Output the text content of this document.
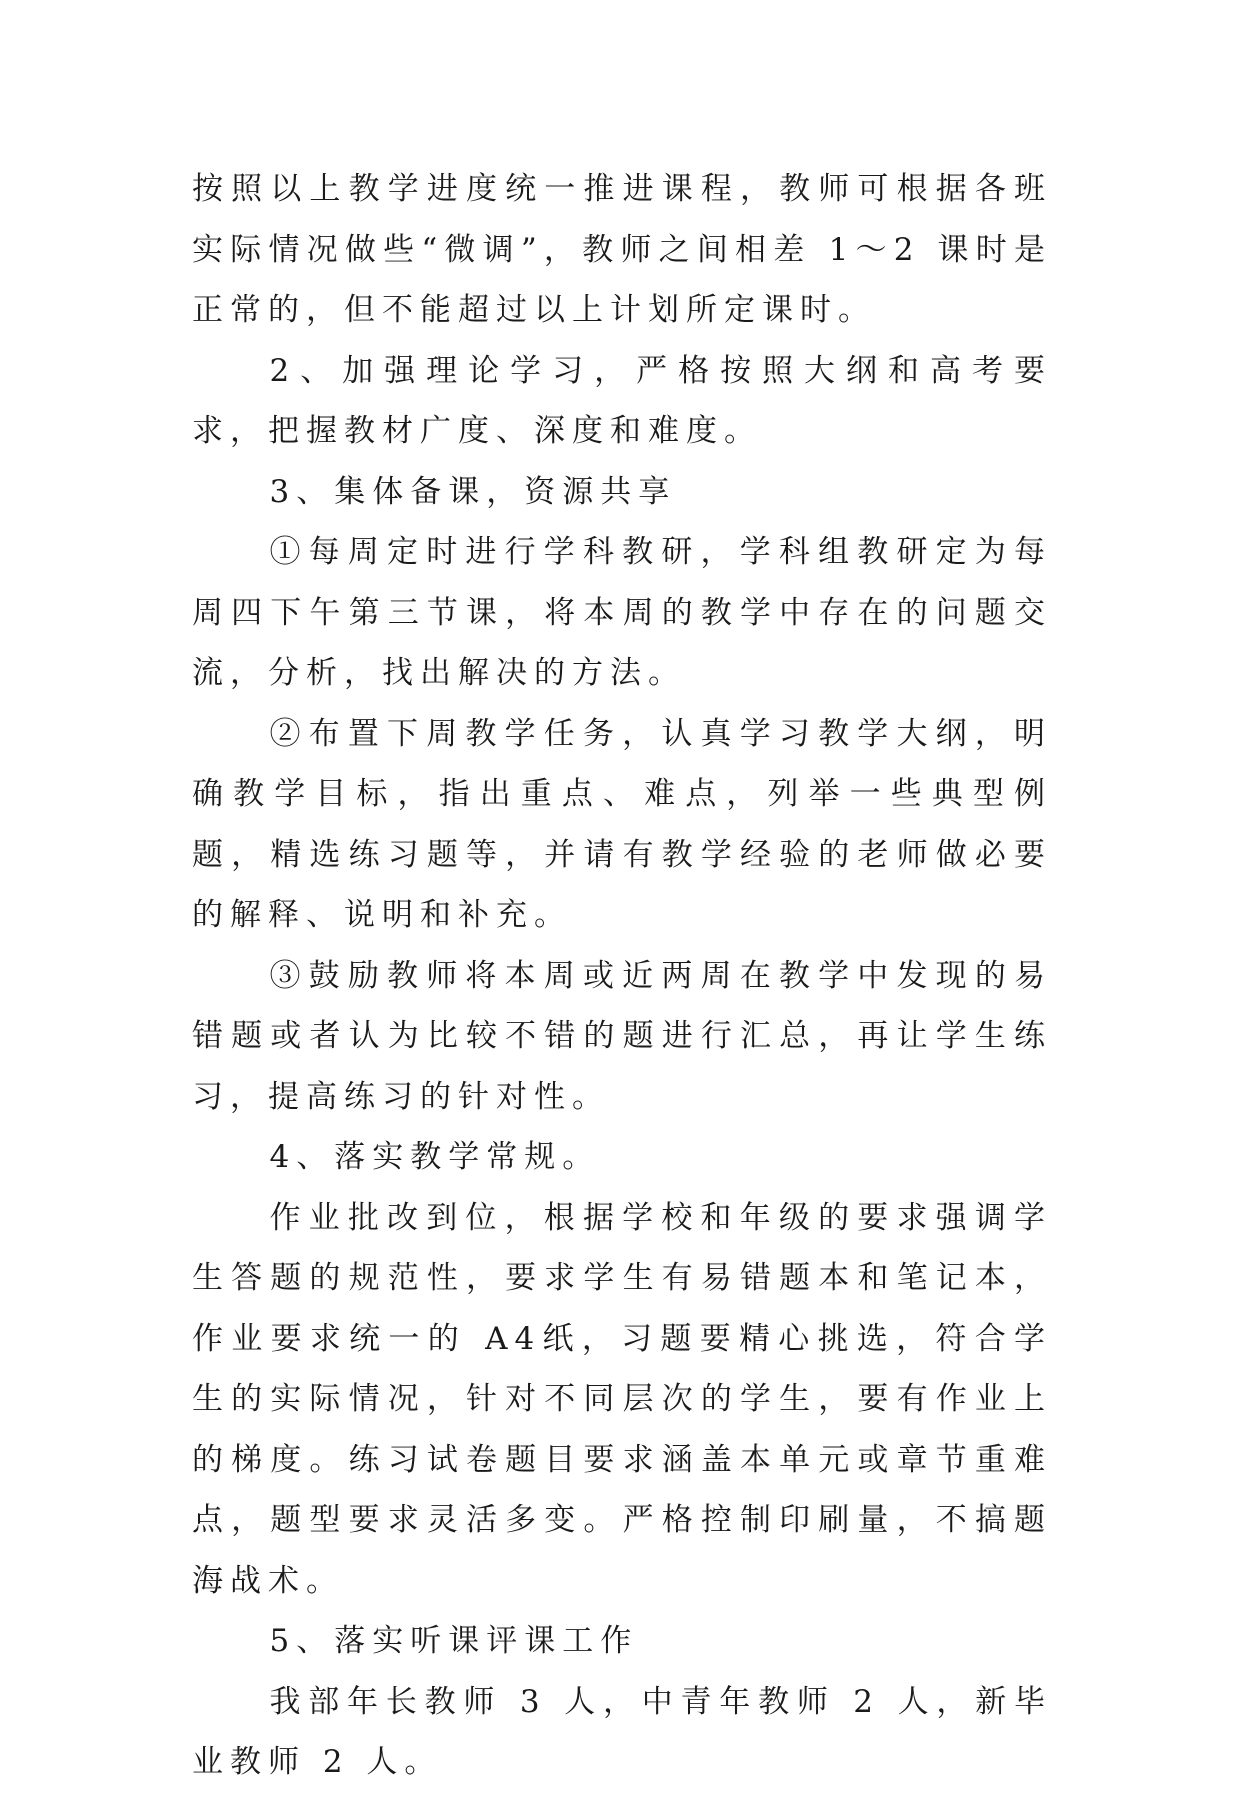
按照以上教学进度统一推进课程，教师可根据各班实际情况做些“微调”，教师之间相差 1～2 课时是正常的，但不能超过以上计划所定课时。

2、加强理论学习，严格按照大纲和高考要求，把握教材广度、深度和难度。

3、集体备课，资源共享

①每周定时进行学科教研，学科组教研定为每周四下午第三节课，将本周的教学中存在的问题交流，分析，找出解决的方法。

②布置下周教学任务，认真学习教学大纲，明确教学目标，指出重点、难点，列举一些典型例题，精选练习题等，并请有教学经验的老师做必要的解释、说明和补充。

③鼓励教师将本周或近两周在教学中发现的易错题或者认为比较不错的题进行汇总，再让学生练习，提高练习的针对性。

4、落实教学常规。

作业批改到位，根据学校和年级的要求强调学生答题的规范性，要求学生有易错题本和笔记本，作业要求统一的 A4纸，习题要精心挑选，符合学生的实际情况，针对不同层次的学生，要有作业上的梯度。练习试卷题目要求涵盖本单元或章节重难点，题型要求灵活多变。严格控制印刷量，不搞题海战术。

5、落实听课评课工作

我部年长教师 3 人，中青年教师 2 人，新毕业教师 2 人。
